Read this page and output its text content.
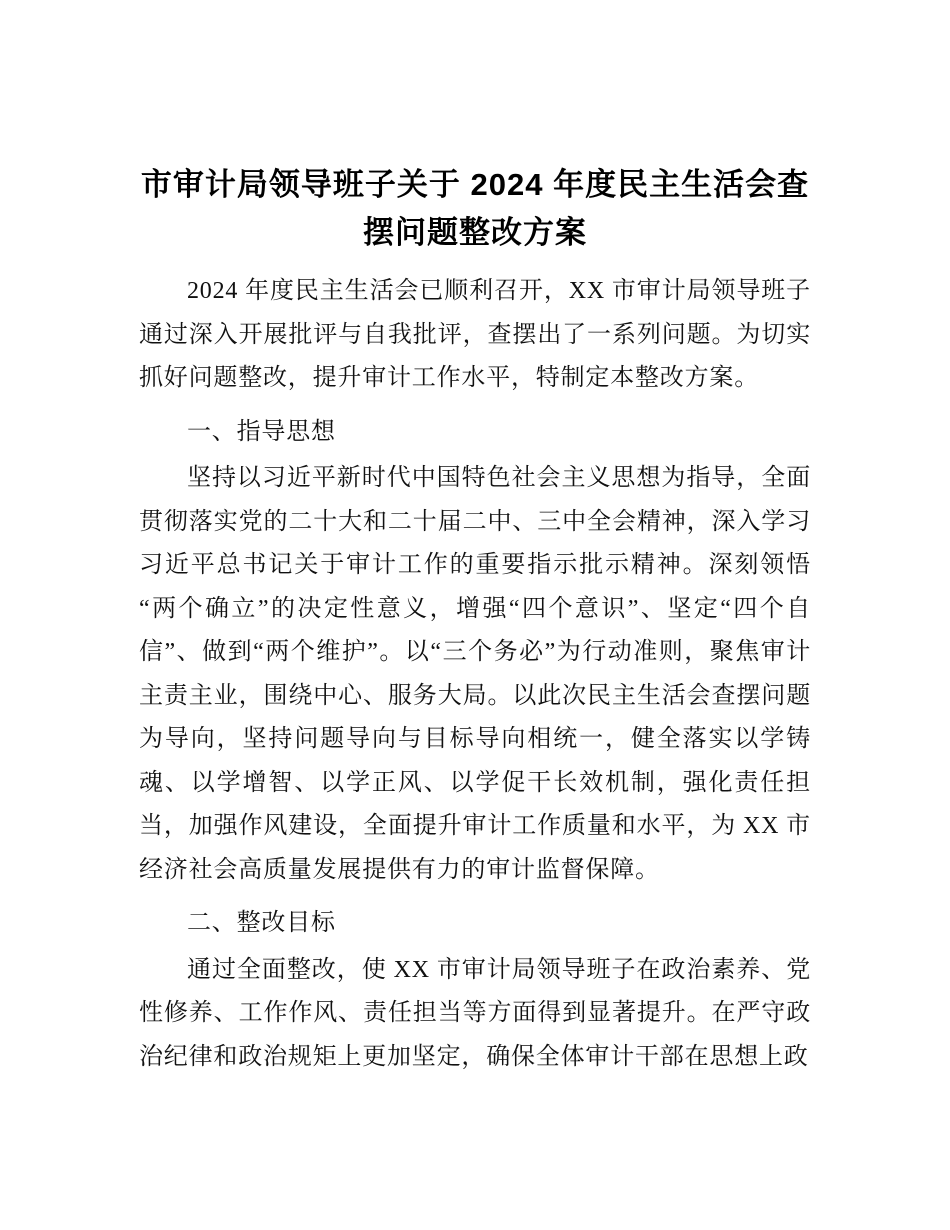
市审计局领导班子关于 2024 年度民主生活会查摆问题整改方案

2024 年度民主生活会已顺利召开，XX 市审计局领导班子通过深入开展批评与自我批评，查摆出了一系列问题。为切实抓好问题整改，提升审计工作水平，特制定本整改方案。

一、指导思想

坚持以习近平新时代中国特色社会主义思想为指导，全面贯彻落实党的二十大和二十届二中、三中全会精神，深入学习习近平总书记关于审计工作的重要指示批示精神。深刻领悟“两个确立”的决定性意义，增强“四个意识”、坚定“四个自信”、做到“两个维护”。以“三个务必”为行动准则，聚焦审计主责主业，围绕中心、服务大局。以此次民主生活会查摆问题为导向，坚持问题导向与目标导向相统一，健全落实以学铸魂、以学增智、以学正风、以学促干长效机制，强化责任担当，加强作风建设，全面提升审计工作质量和水平，为 XX 市经济社会高质量发展提供有力的审计监督保障。

二、整改目标

通过全面整改，使 XX 市审计局领导班子在政治素养、党性修养、工作作风、责任担当等方面得到显著提升。在严守政治纪律和政治规矩上更加坚定，确保全体审计干部在思想上政
